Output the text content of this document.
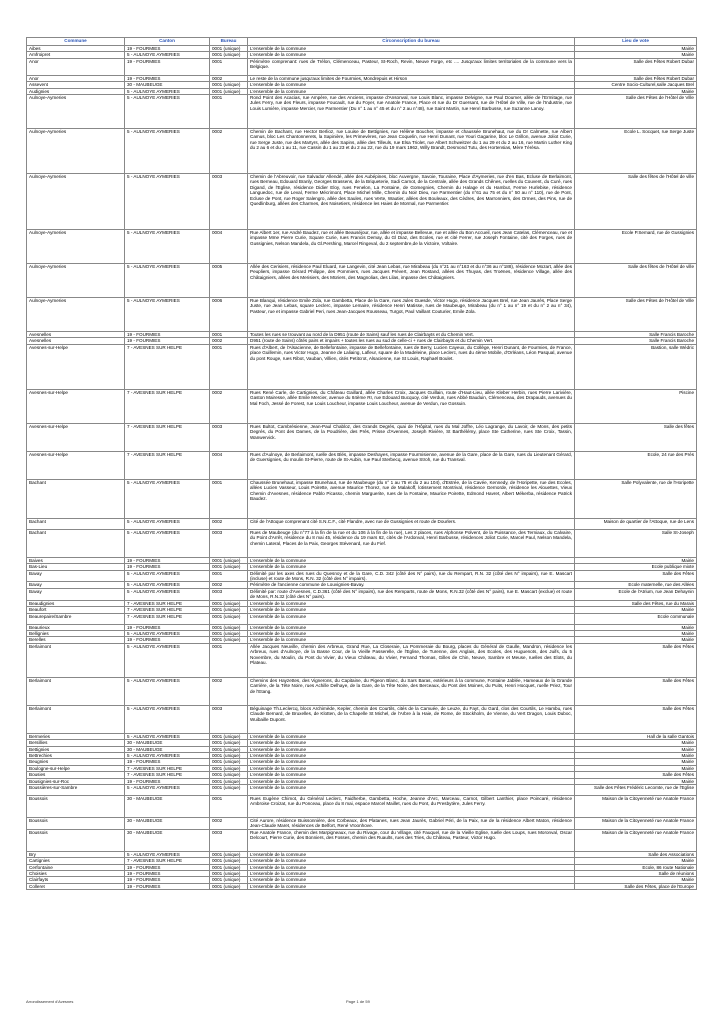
Commune	Canton	Bureau	Circonscription du bureau	Lieu de vote
Aibes	19 - FOURMIES	0001 (unique)	L'ensemble de la commune	Mairie
Amfroipret	5 - AULNOYE AYMERIES	0001 (unique)	L'ensemble de la commune	Mairie
Anor	19 - FOURMIES	0001	Périmètre comprenant: rues de Trélon, Clémenceau, Pasteur, St-Roch, Revin, Neuve Forge, etc .... Jusqu'aux limites territoriales de la commune vers la Belgique.	Salle des Fêtes Robert Dubar
Anor	19 - FOURMIES	0002	Le reste de la commune jusqu'aux limites de Fourmies, Mondrepuis et Hirson	Salle des Fêtes Robert Dubar
Assevent	30 - MAUBEUGE	0001 (unique)	L'ensemble de la commune	Centre Socio-Culturel,salle Jacques Brel
Audignies	5 - AULNOYE AYMERIES	0001 (unique)	L'ensemble de la commune	Mairie
Aulnoye-Aymeries	5 - AULNOYE AYMERIES	0001	Rond Point des Acacias, rue Ampère, rue des Anciens, impasse d'Ansonval, rue Louis Blanc, impasse Delvigne, rue Paul Doumer, allée de l'Ermitage, rue Jules Ferry, rue des Fleurs, impasse Foucault, rue du Foyer, rue Anatole France, Place et rue du Dr Guersant, rue de l'Hôtel de Ville, rue de l'Industrie, rue Louis Lumière, impasse Mercier, rue Parmentier (Du n° 1 au n° 45 et du n° 2 au n°48), rue Saint Martin, rue Henri Barbusse, rue Suzanne Lanoy.	Salle des Fêtes de l'Hôtel de Ville
Aulnoye-Aymeries	5 - AULNOYE AYMERIES	0002	Chemin de Bachant, rue Hector Berlioz, rue Louise de Bettignies, rue Hélène Boucher, impasse et chaussée Brunehaut, rue du Dr Calmette, rue Albert Camus, bloc Les Chantonnerets, la Sapinière, les Primevères, rue Jean Coquelin, rue Henri Dunant, rue Youri Gagarine, bloc Le Grillon, avenue Joliot Curie, rue Serge Juste, rue des Martyrs, allée des Sapins, allée des Tilleuls, rue Elsa Triolet, rue Albert Schweitzer du 1 au 29 et du 2 au 16, rue Martin Luther King du 2 au 6 et du 1 au 11, rue Cassin du 1 au 23 et du 2 au 22, rue du 19 mars 1962, Willy Brandt, Desmond Tutu, des Hortensias, Mère Térèsa.	Ecole L. Socquet, rue Serge Juste
Aulnoye-Aymeries	5 - AULNOYE AYMERIES	0003	Chemin de l'Abreuvoir, rue Salvador Allendé, allée des Aubépines, bloc Auvergne, Savoie, Touraine, Place d'Aymeries, rue d'en Bas, Ecluse de Berlaimont, rues Berneau, Edouard Branly, Georges Brassens, de la Briqueterie, Sadi Carnot, de la Centrale, allée des Grands Chênes, ruelles du Couvent, du Curé, rues Digand, de l'Eglise, résidence Didier Eloy, rues Fenelon, La Fontaine, de Gomegnies, Chemin du Halage et du Hambut, Ferme Hurlebise, résidence Languedoc, rue de Leval, Ferme Mécrimont, Place Michel Mille, Chemin du Noir Dieu, rue Parmentier (du n°61 au 75 et du n° 50 au n° 110), rue de Pont, Ecluse de Pont, rue Roger Salengro, allée des Saules, rues Verte, Wautier, allées des Bouleaux, des Cèdres, des Marronniers, des Ormes, des Pins, rue de Quedlinburg, allées des Charmes, des Noisetiers, résidence les Haies de Mormal, rue Parmentier.	Salle des fêtes de l'Hôtel de ville
Aulnoye-Aymeries	5 - AULNOYE AYMERIES	0004	Rue Albert 1er, rue André Baudez, rue et allée Beauséjour, rue, allée et impasse Bellevue, rue et allée du Bon Accueil, rues Jean Catelas, Clémenceau, rue et impasse Mme Pierre Curie, Square Curie, rues Francis Demay, du Gl Diaz, des Ecoles, rue et cité Ferrer, rue Joseph Fontaine, cité des Forges, rues de Gussignies, Nelson Mandela, du Gl.Pershing, Marcel Ringeval, du 2 septembre,de la Victoire, Voltaire.	Ecole P.Semard, rue de Gussignies
Aulnoye-Aymeries	5 - AULNOYE AYMERIES	0005	Allée des Cerisiers, résidence Paul Eluard, rue Langevin, cité Jean Lebas, rue Mirabeau (du n°21 au n°163 et du n°36 au n°188), résidence Mozart, allée des Peupliers, impasse Gérard Philippe, des Pommiers, rues Jacques Prévert, Jean Rostand, allées des Thuyas, des Troënes, résidence Village, allée des Châtaigniers, allées des Merisiers, des Müriers, des Magnolias, des Lilas, impasse des Châtaigniers.	Salle des fêtes de l'Hôtel de ville
Aulnoye-Aymeries	5 - AULNOYE AYMERIES	0006	Rue Blanqui, résidence Emile Zola, rue Gambetta, Place de la Gare, rues Jules Guesde, Victor Hugo, résidence Jacques Brel, rue Jean Jaurès, Place Serge Juste, rue Jean Lebas, square Leclerc, impasse Lemaire, résidence Henri Matisse, rues de Maubeuge, Mirabeau (du n° 1 au n° 19 et du n° 2 au n° 34), Pasteur, rue et impasse Gabriel Peri, rues Jean-Jacques Rousseau, Turgot, Paul Vaillant Couturier, Emile Zola.	Salle des Fêtes de l'Hôtel de Ville
Avesnelles	19 - FOURMIES	0001	Toutes les rues se trouvant au nord de la D951 (route de Sains) sauf les rues de Clairbayts et du Chemin Vert.	Salle Francis Baroche
Avesnelles	19 - FOURMIES	0002	D951 (route de Sains) côtés pairs et impairs + toutes les rues au sud de celle-ci + rues de Clairbayts et du Chemin Vert.	Salle Francis Baroche
Avesnes-sur-Helpe	7 - AVESNES SUR HELPE	0001	Rues d'Albert, de l'Alsacienne, de Bellefontaine, impasse de Bellefontaine, rues de Berry, Lucien Cayeux, du Collège, Henri Dunant, de Fourmies, de France, place Guillemin, rues Victor Hugo, Jeanne de Laliaing, Lafleur, square de la Madeleine, place Leclerc, rues du 4ème Mobile, d'Orléans, Léon Pasqual, avenue du pont Rouge, rues Ribot, Vauban, Villien, cités Petitcrot, Alsacienne, rue St Louis, Raphaël Boulet.	Bastion, salle Wédric
Avesnes-sur-Helpe	7 - AVESNES SUR HELPE	0002	Rues René Carle, de Cartignies, du Château Gaillard, allée Charles Croix, Jacques Guillain, route d'Haut-Lieu, allée Kleber Herbin, rues Pierre Larivière, Gaston Mairesse, allée Emile Mercier, avenue du 84ème RI, rue Edouard Bucquoy, cité Verdun, rues Abbé Bauduin, Clémenceau, des Drapauds, avenues du Mal Foch, Jessé de Forest, rue Louis Loucheur, impasse Louis Loucheur, avenue de Verdun, rue Gossuin.	Piscine
Avesnes-sur-Helpe	7 - AVESNES SUR HELPE	0003	Rues Bultot, Cambrésienne, Jean-Paul Chabloz, des Grands Degrés, quai de l'Hôpital, rues du Mal Joffre, Léo Lagrange, du Lavoir, de Mons, des petits Degrés, du Pont des Dames, de la Poudrière, des Prés, Prisse d'Avennes, Joseph Rivière, St Barthélémy, place Ste Catherine, rues Ste Croix, Tassin, Wanwervick.	Salle des fêtes
Avesnes-sur-Helpe	7 - AVESNES SUR HELPE	0004	Rues d'Aulnoye, de Berlaimont, ruelle des Blés, impasse Deshayes, impasse Fourmisienne, avenue de la Gare, place de la Gare, rues du Lieutenant Gérard, de Guersignies, du moulin St-Pierre, route de St-Aubin, rue Paul Sterbecq, avenue Stroh, rue du Transval.	Ecole, 24 rue des Prés
Bachant	5 - AULNOYE AYMERIES	0001	Chaussée Brunehaut, impasse Brunehaut, rue de Maubeuge (du n° 1 au 75 et du 2 au 104), d'Estrée, de la Cavée, Kennedy, de l'Horipette, rue des Ecoles, allées Lucien Vasseur, Louis Poirette, avenue Maurice Thorez, rue de Malakoff, lotissement Montrival, résidence Gernorde, résidence les Alouettes, Vieux Chemin d'Avesnes, résidence Pablo Picasso, chemin Marguerite, rues de la Fontaine, Maurice Poirette, Edmond Havret, Albert Mékerba, résidence Patrick Baudez.	Salle Polyvalente, rue de l'Horipette
Bachant	5 - AULNOYE AYMERIES	0002	Cité de l'Attoque comprenant cité S.N.C.F., cité Flandre, avec rue de Gussignies et route de Dourlers.	Maison de quartier de l'Attoque, rue de Lens
Bachant	5 - AULNOYE AYMERIES	0003	Rues de Maubeuge (du n°77 à la fin de la rue et du 106 à la fin de la rue), Les 2 places, rues Alphonse Polvent, de la Puissance, des Terniaux, du Calvaire, du Point d'Arrêt, résidence du 8 mai 45, résidence du 19 mars 62, cités de l'Ardonval, Henri Barbusse, résidences Joliot Curie, Marcel Paul, Nelson Mandela, chemin Lateral, Places de la Paix, Georges Stévenard, rue du Fief.	Salle St-Joseph
Baives	19 - FOURMIES	0001 (unique)	L'ensemble de la commune	Mairie
Bas-Lieu	19 - FOURMIES	0001 (unique)	L'ensemble de la commune	Ecole publique mixte
Bavay	5 - AULNOYE AYMERIES	0001	Délimité par les axes des rues du Quesnoy et de la Gare, C.D. 342 (côté des N° pairs), rue du Rempart, R.N. 32 (côté des N° impairs), rue E. Mascart (incluse) et route de Mons, R.N. 32 (côté des N° impairs).	Salle des Fêtes
Bavay	5 - AULNOYE AYMERIES	0002	Périmètre de l'ancienne commune de Louvignies-Bavay.	Ecole maternelle, rue des Allées
Bavay	5 - AULNOYE AYMERIES	0003	Délimité par: route d'Avesnes, C.D.361 (côté des N° impairs), rue des Remparts, route de Mons, R.N.32 (côté des N° pairs), rue E. Mascart (exclue) et route de Mons, R.N.32 (côté des N° pairs).	Ecole de l'Atrium, rue Jean Dehaynin
Beaudignies	7 - AVESNES SUR HELPE	0001 (unique)	L'ensemble de la commune	Salle des Fêtes, rue du Marais
Beaufort	7 - AVESNES SUR HELPE	0001 (unique)	L'ensemble de la commune	Mairie
Beaurepaire/Sambre	7 - AVESNES SUR HELPE	0001 (unique)	L'ensemble de la commune	Ecole communale
Beaurieux	19 - FOURMIES	0001 (unique)	L'ensemble de la commune	Mairie
Bellignies	5 - AULNOYE AYMERIES	0001 (unique)	L'ensemble de la commune	Mairie
Berelles	19 - FOURMIES	0001 (unique)	L'ensemble de la commune	Mairie
Berlaimont	5 - AULNOYE AYMERIES	0001	Allée Jacques Neuville, chemin des Arbreux, Grand Rue, La Closeraie, La Pommeraie du Bourg, places du Général de Gaulle, Mandron, résidence les Arbreux, rues d'Aulnoye, de la Basse Cour, de la Vieille Passerelle, de l'Eglise, de Turenne, des Anglais, des Ecoles, des Huguenots, des Juifs, du 5 Novembre, du Moulin, du Pont du Vivier, du Vieux Château, du Vivier, Fernand Thomas, Gilles de Chin, Neuve, Sambre et Meuse, ruelles des Elots, du Plateau.	Salle des Fêtes
Berlaimont	5 - AULNOYE AYMERIES	0002	Chemins des Hayzettes, des Vignerons, du Capitaine, du Pigeon Blanc, du Sars Baras, extérieurs à la commune, Fontaine Jablée, Hameaux de la Grande Carrière, de la Tête Noire, rues Achille Delhaye, de la Gare, de la Tête Noire, des Berceaux, du Pont des Moines, du Puits, Henri Hocquet, ruelle Priez, Tour de l'Etang.	Salle des Fêtes
Berlaimont	5 - AULNOYE AYMERIES	0003	Béguinage Th.Leclercq, blocs Archimède, Kepler, chemin des Courtils, cités de la Camuée, de Leuze, du Fayt, du Gard, clos des Courtils, Le Hambu, rues Claude Bernard, de Bruxelles, de Klotten, de la Chapelle St Michel, de l'Arbre à la Haie, de Rome, de Stockholm, de Vienne, du Vert Dragon, Louis Duboc, Wuibaille Dupont.	Salle des Fêtes
Bermeries	5 - AULNOYE AYMERIES	0001 (unique)	L'ensemble de la commune	Hall de la salle Gantois
Bersillies	30 - MAUBEUGE	0001 (unique)	L'ensemble de la commune	Mairie
Bettignies	30 - MAUBEUGE	0001 (unique)	L'ensemble de la commune	Mairie
Bettrechies	5 - AULNOYE AYMERIES	0001 (unique)	L'ensemble de la commune	Mairie
Beugnies	19 - FOURMIES	0001 (unique)	L'ensemble de la commune	Mairie
Boulogne-sur-Helpe	7 - AVESNES SUR HELPE	0001 (unique)	L'ensemble de la commune	Mairie
Bousies	7 - AVESNES SUR HELPE	0001 (unique)	L'ensemble de la commune	Salle des Fêtes
Bousignies-sur-Roc	19 - FOURMIES	0001 (unique)	L'ensemble de la commune	Mairie
Boussières-sur-Sambre	5 - AULNOYE AYMERIES	0001 (unique)	L'ensemble de la commune	Salle des Fêtes Frédéric Lecomte, rue de l'Eglise
Boussois	30 - MAUBEUGE	0001	Rues Eugène Chimot, du Général Leclerc, Faidherbe, Gambetta, Hoche, Jeanne d'Arc, Marceau, Carnot, Gilbert Lanthier, place Poincaré, résidence Ambroise Croizat, rue du Ponceau, place du 8 mai, espace Marcel Maillet, rues du Pont, du Presbytère, Jules Ferry.	Maison de la Citoyenneté rue Anatole France
Boussois	30 - MAUBEUGE	0002	Cité Aurore, résidence Buissonnière, des Corbeaux, des Platanes, rues Jean Jaurès, Gabriel Péri, de la Paix, rue de la résidence Albert Maton, résidence Jean-Claude Maret, résidences de Belfort, René Vroonhove.	Maison de la Citoyenneté rue Anatole France
Boussois	30 - MAUBEUGE	0003	Rue Anatole France, chemin des Marpigneaux, rue du Rivage, cour du Village, cité Fauquel, rue de la Vieille Eglise, ruelle des Loups, rues Moronval, Oscar Delcourt, Pierre Curie, des Bonniers, des Fosses, chemin des Ruaults, rues des Tries, du Château, Pasteur, Victor Hugo.	Maison de la Citoyenneté rue Anatole France
Bry	5 - AULNOYE AYMERIES	0001 (unique)	L'ensemble de la commune	Salle des Associations
Cartignies	7 - AVESNES SUR HELPE	0001 (unique)	L'ensemble de la commune	Mairie
Cerfontaine	19 - FOURMIES	0001 (unique)	L'ensemble de la commune	Ecole, 86 route Nationale
Choisies	19 - FOURMIES	0001 (unique)	L'ensemble de la commune	Salle de réunions
Clairfayts	19 - FOURMIES	0001 (unique)	L'ensemble de la commune	Mairie
Colleret	19 - FOURMIES	0001 (unique)	L'ensemble de la commune	Salle des Fêtes, place de l'Europe
Arrondissement d'Avesnes	Page 1 de 59
